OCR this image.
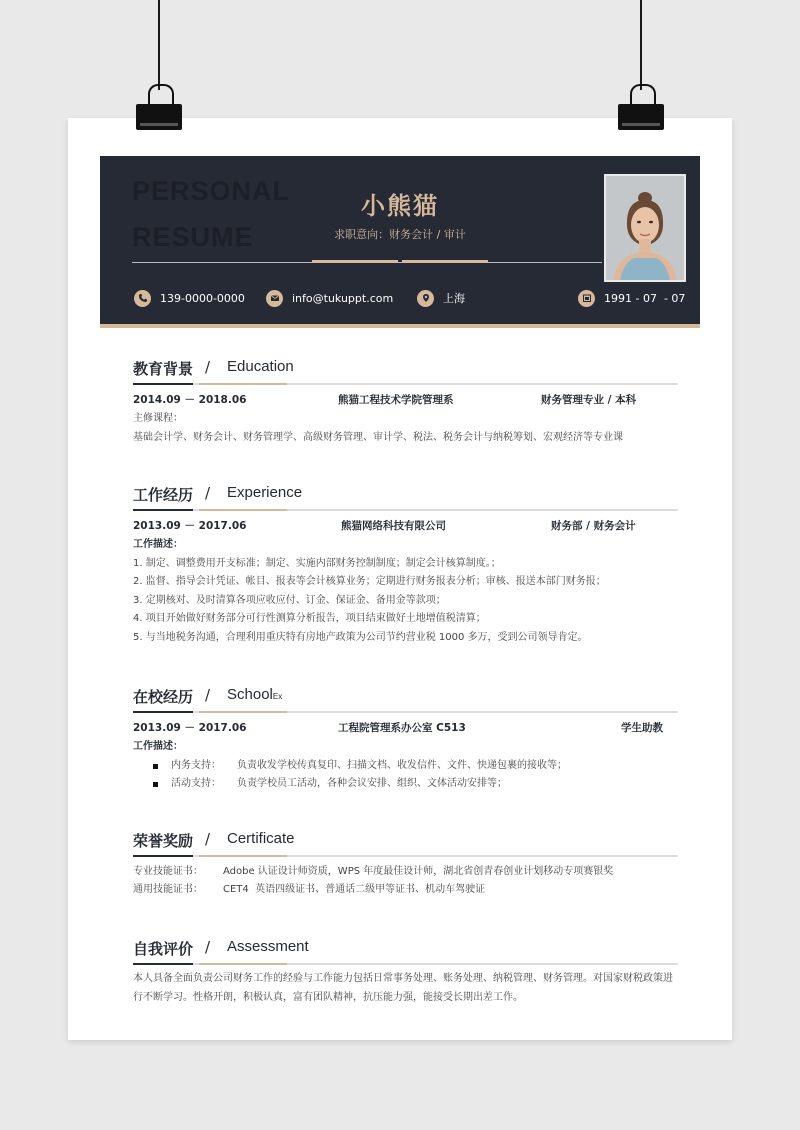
PERSONAL
RESUME
小熊猫
求职意向：财务会计 / 审计
139-0000-0000	info@tukuppt.com	上海	1991 - 07  - 07
教育背景 / Education
2014.09 － 2018.06	熊猫工程技术学院管理系	财务管理专业 / 本科
主修课程：
基础会计学、财务会计、财务管理学、高级财务管理、审计学、税法、税务会计与纳税筹划、宏观经济等专业课
工作经历 / Experience
2013.09 － 2017.06	熊猫网络科技有限公司	财务部 / 财务会计
工作描述：
1. 制定、调整费用开支标准；制定、实施内部财务控制制度；制定会计核算制度。；
2. 监督、指导会计凭证、帐目、报表等会计核算业务；定期进行财务报表分析；审核、报送本部门财务报；
3. 定期核对、及时清算各项应收应付、订金、保证金、备用金等款项；
4. 项目开始做好财务部分可行性测算分析报告，项目结束做好土地增值税清算；
5. 与当地税务沟通，合理利用重庆特有房地产政策为公司节约营业税 1000 多万，受到公司领导肯定。
在校经历 / SchoolEx
2013.09 － 2017.06	工程院管理系办公室 C513	学生助教
工作描述：
内务支持： 负责收发学校传真复印、扫描文档、收发信件、文件、快递包裹的接收等；
活动支持： 负责学校员工活动，各种会议安排、组织、文体活动安排等；
荣誉奖励 / Certificate
专业技能证书： Adobe 认证设计师资质，WPS 年度最佳设计师，湖北省创青春创业计划移动专项赛银奖
通用技能证书： CET4  英语四级证书、普通话二级甲等证书、机动车驾驶证
自我评价 / Assessment
本人具备全面负责公司财务工作的经验与工作能力包括日常事务处理、账务处理、纳税管理、财务管理。对国家财税政策进行不断学习。性格开朗，积极认真，富有团队精神，抗压能力强，能接受长期出差工作。
